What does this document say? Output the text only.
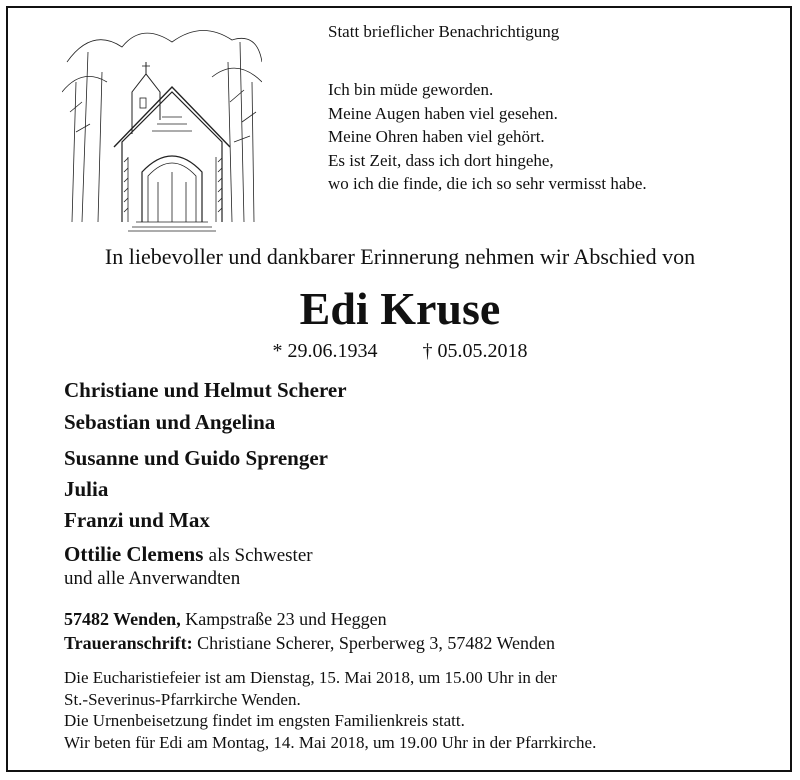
Statt brieflicher Benachrichtigung
Ich bin müde geworden.
Meine Augen haben viel gesehen.
Meine Ohren haben viel gehört.
Es ist Zeit, dass ich dort hingehe,
wo ich die finde, die ich so sehr vermisst habe.
In liebevoller und dankbarer Erinnerung nehmen wir Abschied von
Edi Kruse
* 29.06.1934 † 05.05.2018
Christiane und Helmut Scherer
Sebastian und Angelina
Susanne und Guido Sprenger
Julia
Franzi und Max
Ottilie Clemens als Schwester
und alle Anverwandten
57482 Wenden, Kampstraße 23 und Heggen
Traueranschrift: Christiane Scherer, Sperberweg 3, 57482 Wenden
Die Eucharistiefeier ist am Dienstag, 15. Mai 2018, um 15.00 Uhr in der
St.-Severinus-Pfarrkirche Wenden.
Die Urnenbeisetzung findet im engsten Familienkreis statt.
Wir beten für Edi am Montag, 14. Mai 2018, um 19.00 Uhr in der Pfarrkirche.
